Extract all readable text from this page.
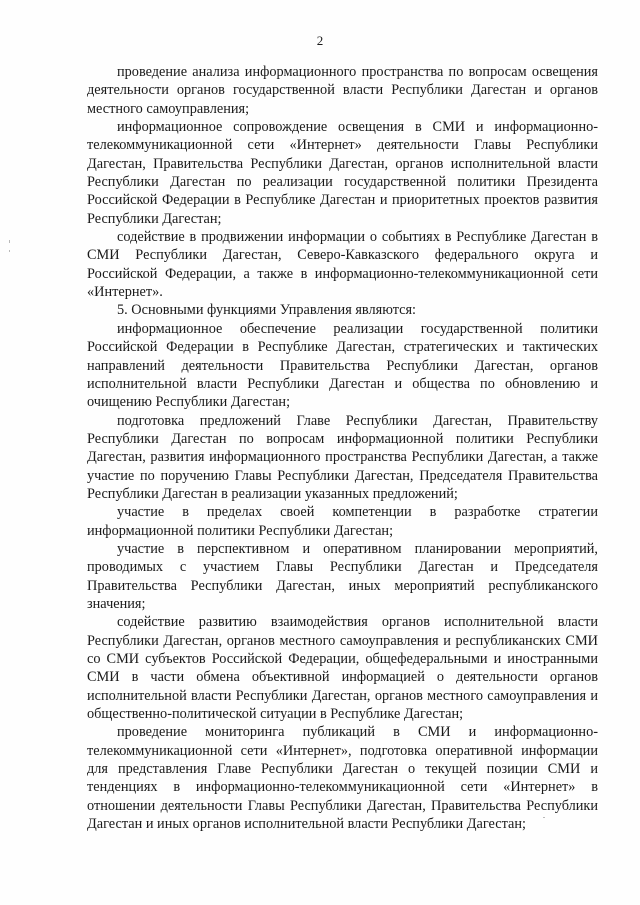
2

проведение анализа информационного пространства по вопросам освещения деятельности органов государственной власти Республики Дагестан и органов местного самоуправления;

информационное сопровождение освещения в СМИ и информационно-телекоммуникационной сети «Интернет» деятельности Главы Республики Дагестан, Правительства Республики Дагестан, органов исполнительной власти Республики Дагестан по реализации государственной политики Президента Российской Федерации в Республике Дагестан и приоритетных проектов развития Республики Дагестан;

содействие в продвижении информации о событиях в Республике Дагестан в СМИ Республики Дагестан, Северо-Кавказского федерального округа и Российской Федерации, а также в информационно-телекоммуникационной сети «Интернет».

5. Основными функциями Управления являются:

информационное обеспечение реализации государственной политики Российской Федерации в Республике Дагестан, стратегических и тактических направлений деятельности Правительства Республики Дагестан, органов исполнительной власти Республики Дагестан и общества по обновлению и очищению Республики Дагестан;

подготовка предложений Главе Республики Дагестан, Правительству Республики Дагестан по вопросам информационной политики Республики Дагестан, развития информационного пространства Республики Дагестан, а также участие по поручению Главы Республики Дагестан, Председателя Правительства Республики Дагестан в реализации указанных предложений;

участие в пределах своей компетенции в разработке стратегии информационной политики Республики Дагестан;

участие в перспективном и оперативном планировании мероприятий, проводимых с участием Главы Республики Дагестан и Председателя Правительства Республики Дагестан, иных мероприятий республиканского значения;

содействие развитию взаимодействия органов исполнительной власти Республики Дагестан, органов местного самоуправления и республиканских СМИ со СМИ субъектов Российской Федерации, общефедеральными и иностранными СМИ в части обмена объективной информацией о деятельности органов исполнительной власти Республики Дагестан, органов местного самоуправления и общественно-политической ситуации в Республике Дагестан;

проведение мониторинга публикаций в СМИ и информационно-телекоммуникационной сети «Интернет», подготовка оперативной информации для представления Главе Республики Дагестан о текущей позиции СМИ и тенденциях в информационно-телекоммуникационной сети «Интернет» в отношении деятельности Главы Республики Дагестан, Правительства Республики Дагестан и иных органов исполнительной власти Республики Дагестан;
